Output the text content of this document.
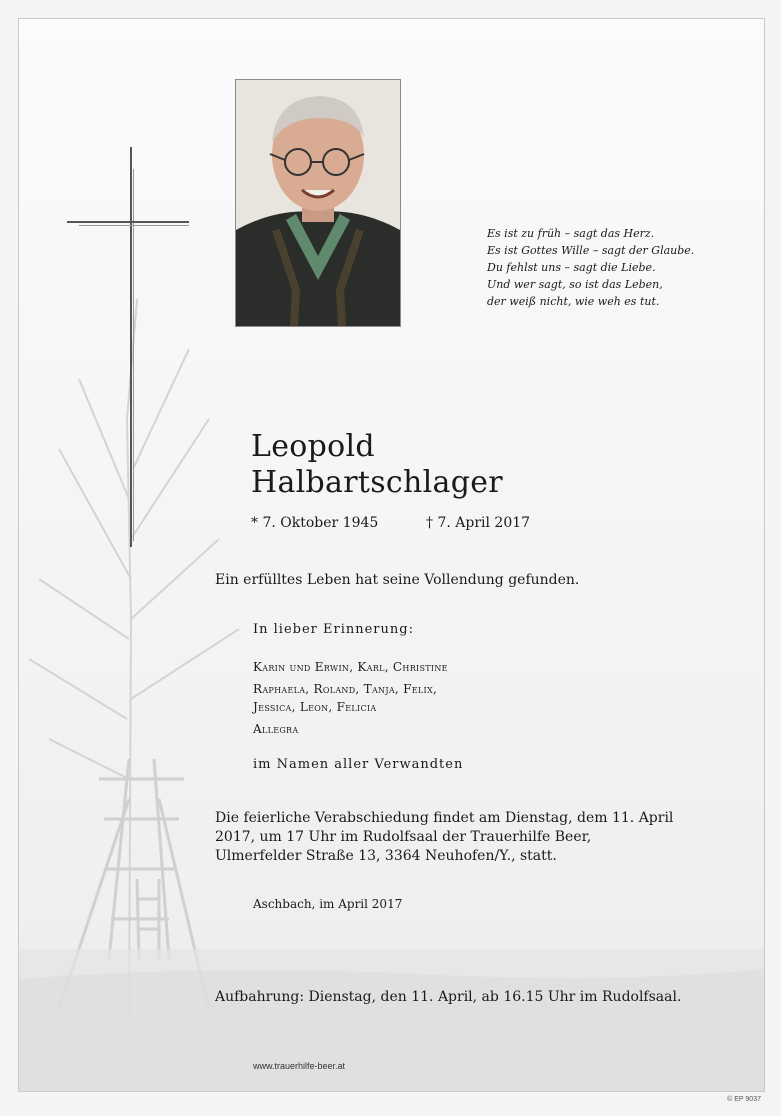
Es ist zu früh – sagt das Herz.
Es ist Gottes Wille – sagt der Glaube.
Du fehlst uns – sagt die Liebe.
Und wer sagt, so ist das Leben,
der weiß nicht, wie weh es tut.
Leopold
Halbartschlager
* 7. Oktober 1945	† 7. April 2017
Ein erfülltes Leben hat seine Vollendung gefunden.
In lieber Erinnerung:
Karin und Erwin, Karl, Christine
Raphaela, Roland, Tanja, Felix,
Jessica, Leon, Felicia
Allegra
im Namen aller Verwandten
Die feierliche Verabschiedung findet am Dienstag, dem 11. April
2017, um 17 Uhr im Rudolfsaal der Trauerhilfe Beer,
Ulmerfelder Straße 13, 3364 Neuhofen/Y., statt.
Aschbach, im April 2017
Aufbahrung: Dienstag, den 11. April, ab 16.15 Uhr im Rudolfsaal.
www.trauerhilfe-beer.at
© EP 9037
